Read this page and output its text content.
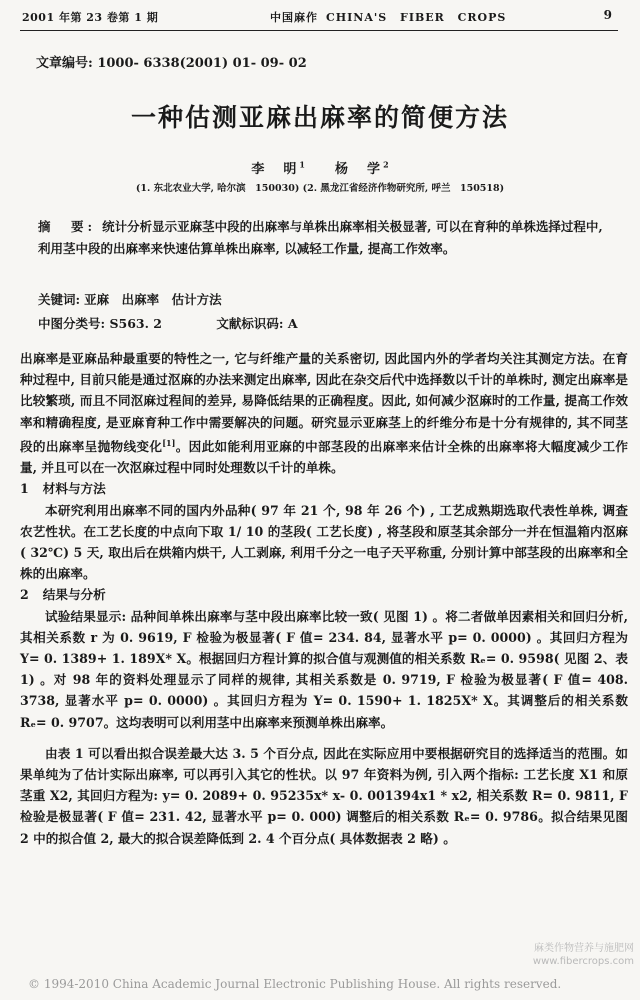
2001 年第 23 卷第 1 期	中国麻作 CHINA'S FIBER CROPS	9
文章编号: 1000- 6338(2001) 01- 09- 02
一种估测亚麻出麻率的简便方法
李　明$^1$ 杨　学$^2$
(1. 东北农业大学, 哈尔滨　150030) (2. 黑龙江省经济作物研究所, 呼兰　150518)
摘　要: 统计分析显示亚麻茎中段的出麻率与单株出麻率相关极显著, 可以在育种的单株选择过程中, 利用茎中段的出麻率来快速估算单株出麻率, 以减轻工作量, 提高工作效率。
关键词: 亚麻　出麻率　估计方法
中图分类号: S563. 2	文献标识码: A

出麻率是亚麻品种最重要的特性之一, 它与纤维产量的关系密切, 因此国内外的学者均关注其测定方法。在育种过程中, 目前只能是通过沤麻的办法来测定出麻率, 因此在杂交后代中选择数以千计的单株时, 测定出麻率是比较繁琐, 而且不同沤麻过程间的差异, 易降低结果的正确程度。因此, 如何减少沤麻时的工作量, 提高工作效率和精确程度, 是亚麻育种工作中需要解决的问题。研究显示亚麻茎上的纤维分布是十分有规律的, 其不同茎段的出麻率呈抛物线变化[1]。因此如能利用亚麻的中部茎段的出麻率来估计全株的出麻率将大幅度减少工作量, 并且可以在一次沤麻过程中同时处理数以千计的单株。

1 材料与方法

本研究利用出麻率不同的国内外品种( 97 年 21 个, 98 年 26 个) , 工艺成熟期选取代表性单株, 调查农艺性状。在工艺长度的中点向下取 1/ 10 的茎段( 工艺长度) , 将茎段和原茎其余部分一并在恒温箱内沤麻( 32℃) 5 天, 取出后在烘箱内烘干, 人工剥麻, 利用千分之一电子天平称重, 分别计算中部茎段的出麻率和全株的出麻率。

2 结果与分析

试验结果显示: 品种间单株出麻率与茎中段出麻率比较一致( 见图 1) 。将二者做单因素相关和回归分析, 其相关系数 r 为 0. 9619, F 检验为极显著( F 值= 234. 84, 显著水平 p= 0. 0000) 。其回归方程为 Y= 0. 1389+ 1. 189X* X。根据回归方程计算的拟合值与观测值的相关系数 Rₑ= 0. 9598( 见图 2、表 1) 。对 98 年的资料处理显示了同样的规律, 其相关系数是 0. 9719, F 检验为极显著( F 值= 408. 3738, 显著水平 p= 0. 0000) 。其回归方程为 Y= 0. 1590+ 1. 1825X* X。其调整后的相关系数 Rₑ= 0. 9707。这均表明可以利用茎中出麻率来预测单株出麻率。

由表 1 可以看出拟合误差最大达 3. 5 个百分点, 因此在实际应用中要根据研究目的选择适当的范围。如果单纯为了估计实际出麻率, 可以再引入其它的性状。以 97 年资料为例, 引入两个指标: 工艺长度 X1 和原茎重 X2, 其回归方程为: y= 0. 2089+ 0. 95235x* x- 0. 001394x1 * x2, 相关系数 R= 0. 9811, F 检验是极显著( F 值= 231. 42, 显著水平 p= 0. 000) 调整后的相关系数 Rₑ= 0. 9786。拟合结果见图 2 中的拟合值 2, 最大的拟合误差降低到 2. 4 个百分点( 具体数据表 2 略) 。

© 1994-2010 China Academic Journal Electronic Publishing House. All rights reserved.
麻类作物营养与施肥网
www.fibercrops.com
